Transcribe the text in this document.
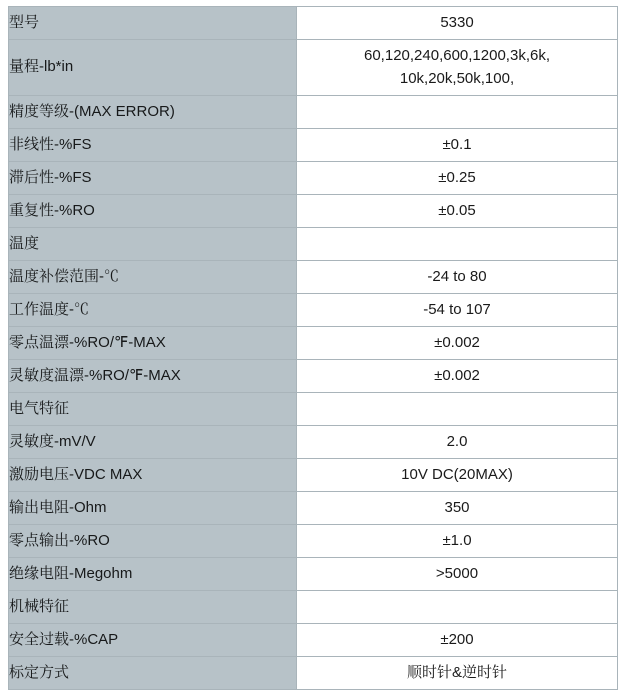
型号	5330
量程-lb*in	60,120,240,600,1200,3k,6k,
10k,20k,50k,100,

精度等级-(MAX ERROR)	
非线性-%FS	±0.1
滞后性-%FS	±0.25
重复性-%RO	±0.05
温度	
温度补偿范围-℃	-24 to 80
工作温度-℃	-54 to 107
零点温漂-%RO/℉-MAX	±0.002
灵敏度温漂-%RO/℉-MAX	±0.002
电气特征	
灵敏度-mV/V	2.0
激励电压-VDC MAX	10V DC(20MAX)
输出电阻-Ohm	350
零点输出-%RO	±1.0
绝缘电阻-Megohm	>5000
机械特征	
安全过载-%CAP	±200
标定方式	顺时针&逆时针
